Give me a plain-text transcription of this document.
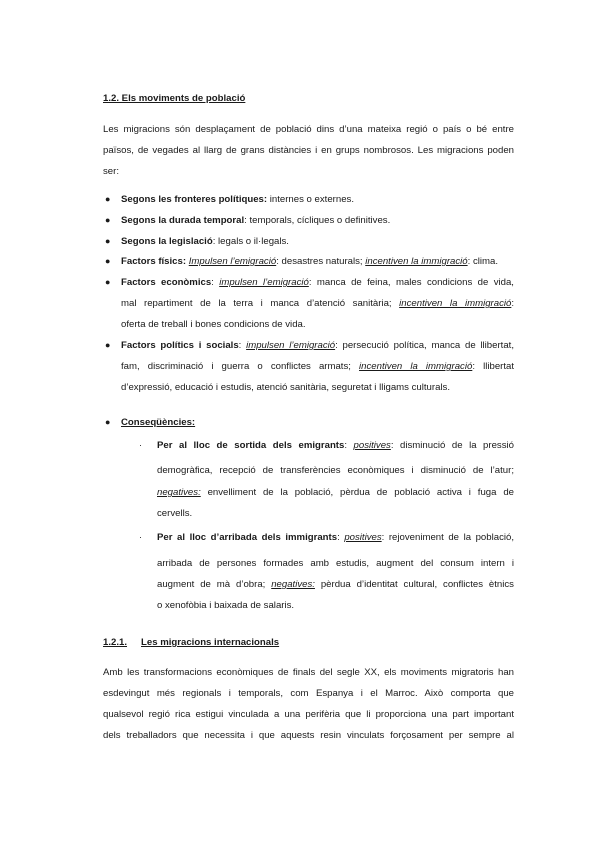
1.2. Els moviments de població
Les migracions són desplaçament de població dins d’una mateixa regió o país o bé entre
països, de vegades al llarg de grans distàncies i en grups nombrosos. Les migracions poden
ser:
● Segons les fronteres polítiques: internes o externes.
● Segons la durada temporal: temporals, cícliques o definitives.
● Segons la legislació: legals o il·legals.
● Factors físics: Impulsen l’emigració: desastres naturals; incentiven la immigració: clima.
● Factors econòmics: impulsen l’emigració: manca de feina, males condicions de vida,
mal repartiment de la terra i manca d’atenció sanitària; incentiven la immigració:
oferta de treball i bones condicions de vida.
● Factors polítics i socials: impulsen l’emigració: persecució política, manca de llibertat,
fam, discriminació i guerra o conflictes armats; incentiven la immigració: llibertat
d’expressió, educació i estudis, atenció sanitària, seguretat i lligams culturals.
● Conseqüències:
· Per al lloc de sortida dels emigrants: positives: disminució de la pressió
demogràfica, recepció de transferències econòmiques i disminució de l’atur;
negatives: envelliment de la població, pèrdua de població activa i fuga de
cervells.
· Per al lloc d’arribada dels immigrants: positives: rejoveniment de la població,
arribada de persones formades amb estudis, augment del consum intern i
augment de mà d’obra; negatives: pèrdua d’identitat cultural, conflictes ètnics
o xenofòbia i baixada de salaris.
1.2.1. Les migracions internacionals
Amb les transformacions econòmiques de finals del segle XX, els moviments migratoris han
esdevingut més regionals i temporals, com Espanya i el Marroc. Això comporta que
qualsevol regió rica estigui vinculada a una perifèria que li proporciona una part important
dels treballadors que necessita i que aquests resin vinculats forçosament per sempre al
